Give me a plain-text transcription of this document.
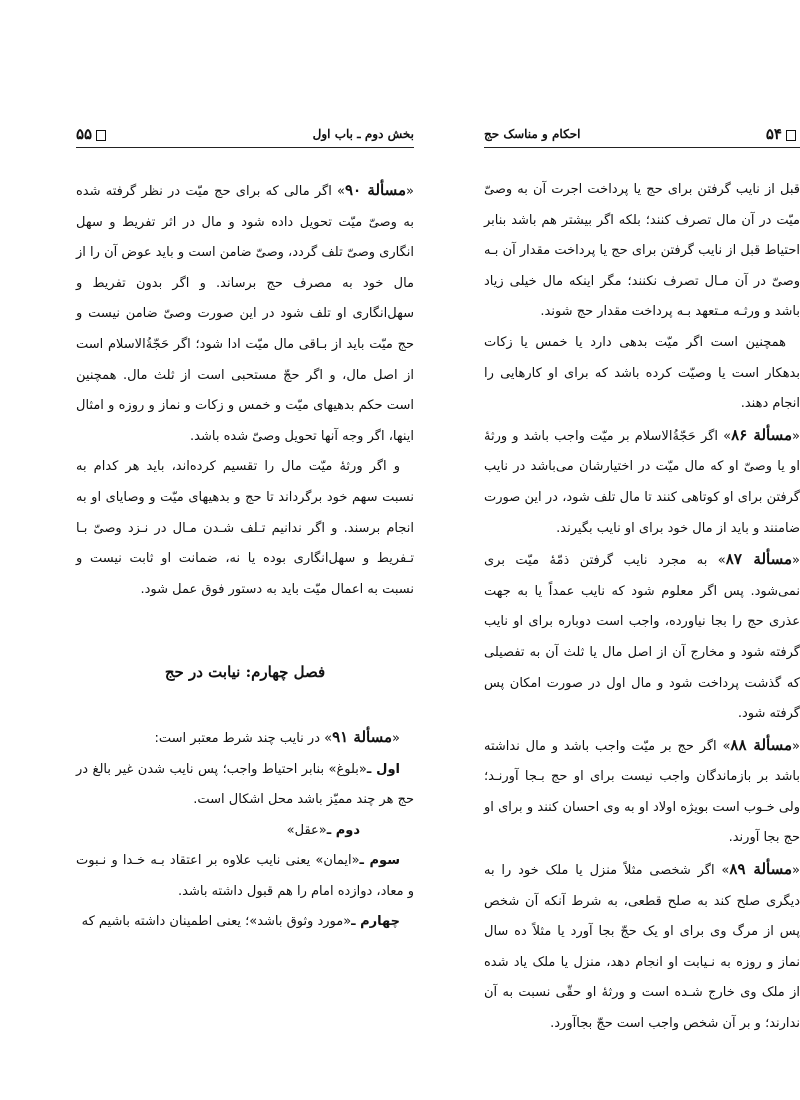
بخش دوم ـ باب اول
۵۵

«مسألة ۹۰» اگر مالی که برای حج میّت در نظر گرفته شده به وصیّ میّت تحویل داده شود و مال در اثر تفریط و سهل انگاری وصیّ تلف گردد، وصیّ ضامن است و باید عوض آن را از مال خود به مصرف حج برساند. و اگر بدون تفریط و سهل‌انگاری او تلف شود در این صورت وصیّ ضامن نیست و حج میّت باید از بـاقی مال میّت ادا شود؛ اگر حَجّةُالاسلام است از اصل مال، و اگر حجّ مستحبی است از ثلث مال. همچنین است حکم بدهیهای میّت و خمس و زکات و نماز و روزه و امثال اینها، اگر وجه آنها تحویل وصیّ شده باشد.

و اگر ورثهٔ میّت مال را تقسیم کرده‌اند، باید هر کدام به نسبت سهم خود برگرداند تا حج و بدهیهای میّت و وصایای او به انجام برسند. و اگر ندانیم تـلف شـدن مـال در نـزد وصیّ بـا تـفریط و سهل‌انگاری بوده یا نه، ضمانت او ثابت نیست و نسبت به اعمال میّت باید به دستور فوق عمل شود.

فصل چهارم: نیابت در حج

«مسألة ۹۱» در نایب چند شرط معتبر است:

اول ـ«بلوغ» بنابر احتیاط واجب؛ پس نایب شدن غیر بالغ در حج هر چند ممیّز باشد محل اشکال است.

دوم ـ«عقل»

سوم ـ«ایمان» یعنی نایب علاوه بر اعتقاد بـه خـدا و نـبوت و معاد، دوازده امام را هم قبول داشته باشد.

چهارم ـ«مورد وثوق باشد»؛ یعنی اطمینان داشته باشیم که

احکام و مناسک حج	۵۴

قبل از نایب گرفتن برای حج یا پرداخت اجرت آن به وصیّ میّت در آن مال تصرف کنند؛ بلکه اگر بیشتر هم باشد بنابر احتیاط قبل از نایب گرفتن برای حج یا پرداخت مقدار آن بـه وصیّ در آن مـال تصرف نکنند؛ مگر اینکه مال خیلی زیاد باشد و ورثـه مـتعهد بـه پرداخت مقدار حج شوند.

همچنین است اگر میّت بدهی دارد یا خمس یا زکات بدهکار است یا وصیّت کرده باشد که برای او کارهایی را انجام دهند.

«مسألة ۸۶» اگر حَجّةُالاسلام بر میّت واجب باشد و ورثهٔ او یا وصیّ او که مال میّت در اختیارشان می‌باشد در نایب گرفتن برای او کوتاهی کنند تا مال تلف شود، در این صورت ضامنند و باید از مال خود برای او نایب بگیرند.

«مسألة ۸۷» به مجرد نایب گرفتن ذمّهٔ میّت بری نمی‌شود. پس اگر معلوم شود که نایب عمداً یا به جهت عذری حج را بجا نیاورده، واجب است دوباره برای او نایب گرفته شود و مخارج آن از اصل مال یا ثلث آن به تفصیلی که گذشت پرداخت شود و مال اول در صورت امکان پس گرفته شود.

«مسألة ۸۸» اگر حج بر میّت واجب باشد و مال نداشته باشد بر بازماندگان واجب نیست برای او حج بـجا آورنـد؛ ولی خـوب است بویژه اولاد او به وی احسان کنند و برای او حج بجا آورند.

«مسألة ۸۹» اگر شخصی مثلاً منزل یا ملک خود را به دیگری صلح کند به صلح قطعی، به شرط آنکه آن شخص پس از مرگ وی برای او یک حجّ بجا آورد یا مثلاً ده سال نماز و روزه به نـیابت او انجام دهد، منزل یا ملک یاد شده از ملک وی خارج شـده است و ورثهٔ او حقّی نسبت به آن ندارند؛ و بر آن شخص واجب است حجّ بجاآورد.
